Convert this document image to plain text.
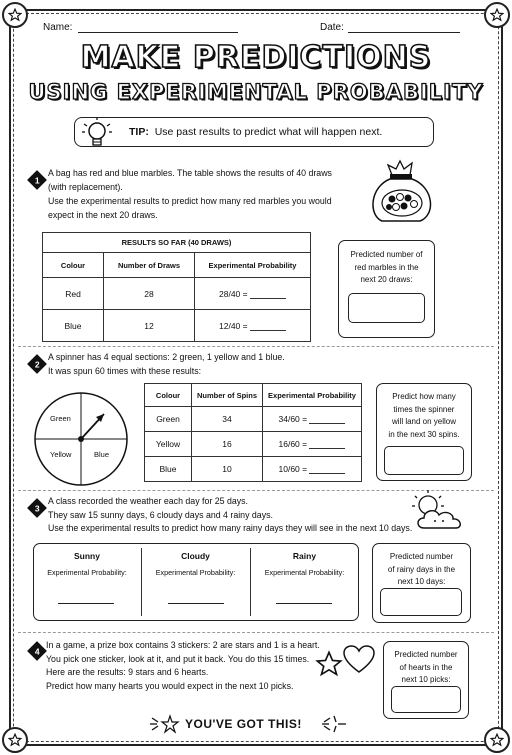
Name:	Date:
MAKE PREDICTIONS
USING EXPERIMENTAL PROBABILITY
TIP:
Use past results to predict what will happen next.
1
A bag has red and blue marbles. The table shows the results of 40 draws
(with replacement).
Use the experimental results to predict how many red marbles you would
expect in the next 20 draws.
RESULTS SO FAR (40 DRAWS)		
Colour	Number of Draws	Experimental Probability
Red	28	28/40 =
Blue	12	12/40 =
Predicted number of
red marbles in the
next 20 draws:
2
A spinner has 4 equal sections: 2 green, 1 yellow and 1 blue.
It was spun 60 times with these results:
Green
Yellow	Blue
Colour	Number of Spins	Experimental Probability
Green	34	34/60 =
Yellow	16	16/60 =
Blue	10	10/60 =
Predict how many
times the spinner
will land on yellow
in the next 30 spins.
3
A class recorded the weather each day for 25 days.
They saw 15 sunny days, 6 cloudy days and 4 rainy days.
Use the experimental results to predict how many rainy days they will see in the next 10 days.
Sunny
Experimental Probability:
Cloudy
Experimental Probability:
Rainy
Experimental Probability:
Predicted number
of rainy days in the
next 10 days:
4
In a game, a prize box contains 3 stickers: 2 are stars and 1 is a heart.
You pick one sticker, look at it, and put it back. You do this 15 times.
Here are the results: 9 stars and 6 hearts.
Predict how many hearts you would expect in the next 10 picks.
Predicted number
of hearts in the
next 10 picks:
YOU'VE GOT THIS!
